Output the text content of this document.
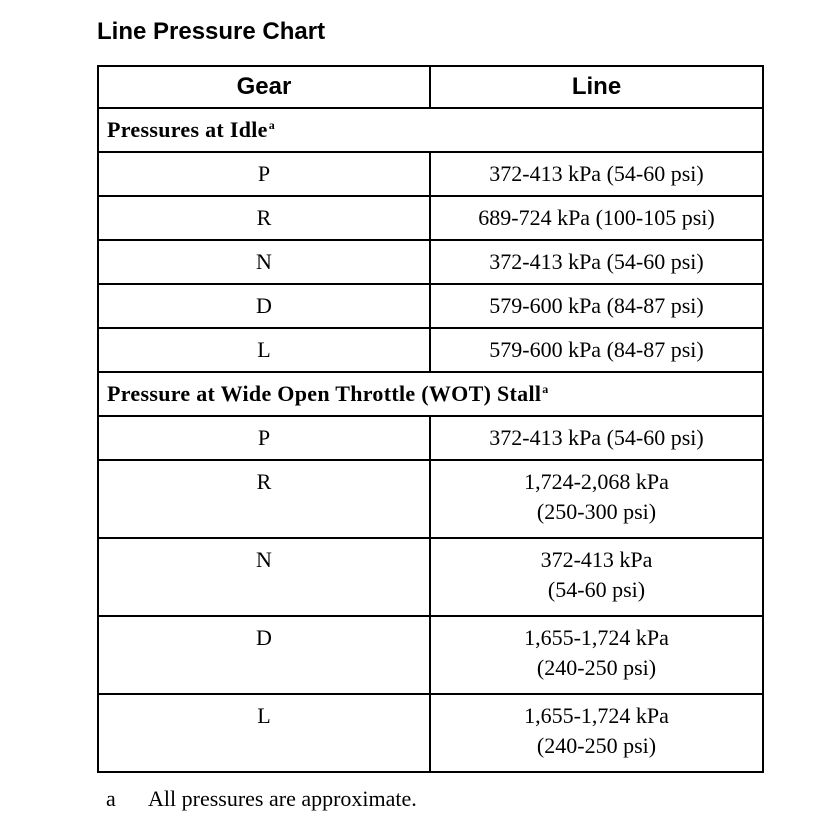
Line Pressure Chart
Gear	Line
Pressures at Idle$^a$
P	372-413 kPa (54-60 psi)
R	689-724 kPa (100-105 psi)
N	372-413 kPa (54-60 psi)
D	579-600 kPa (84-87 psi)
L	579-600 kPa (84-87 psi)
Pressure at Wide Open Throttle (WOT) Stall$^a$
P	372-413 kPa (54-60 psi)
R	1,724-2,068 kPa
(250-300 psi)

N	372-413 kPa
(54-60 psi)

D	1,655-1,724 kPa
(240-250 psi)

L	1,655-1,724 kPa
(240-250 psi)
a All pressures are approximate.
